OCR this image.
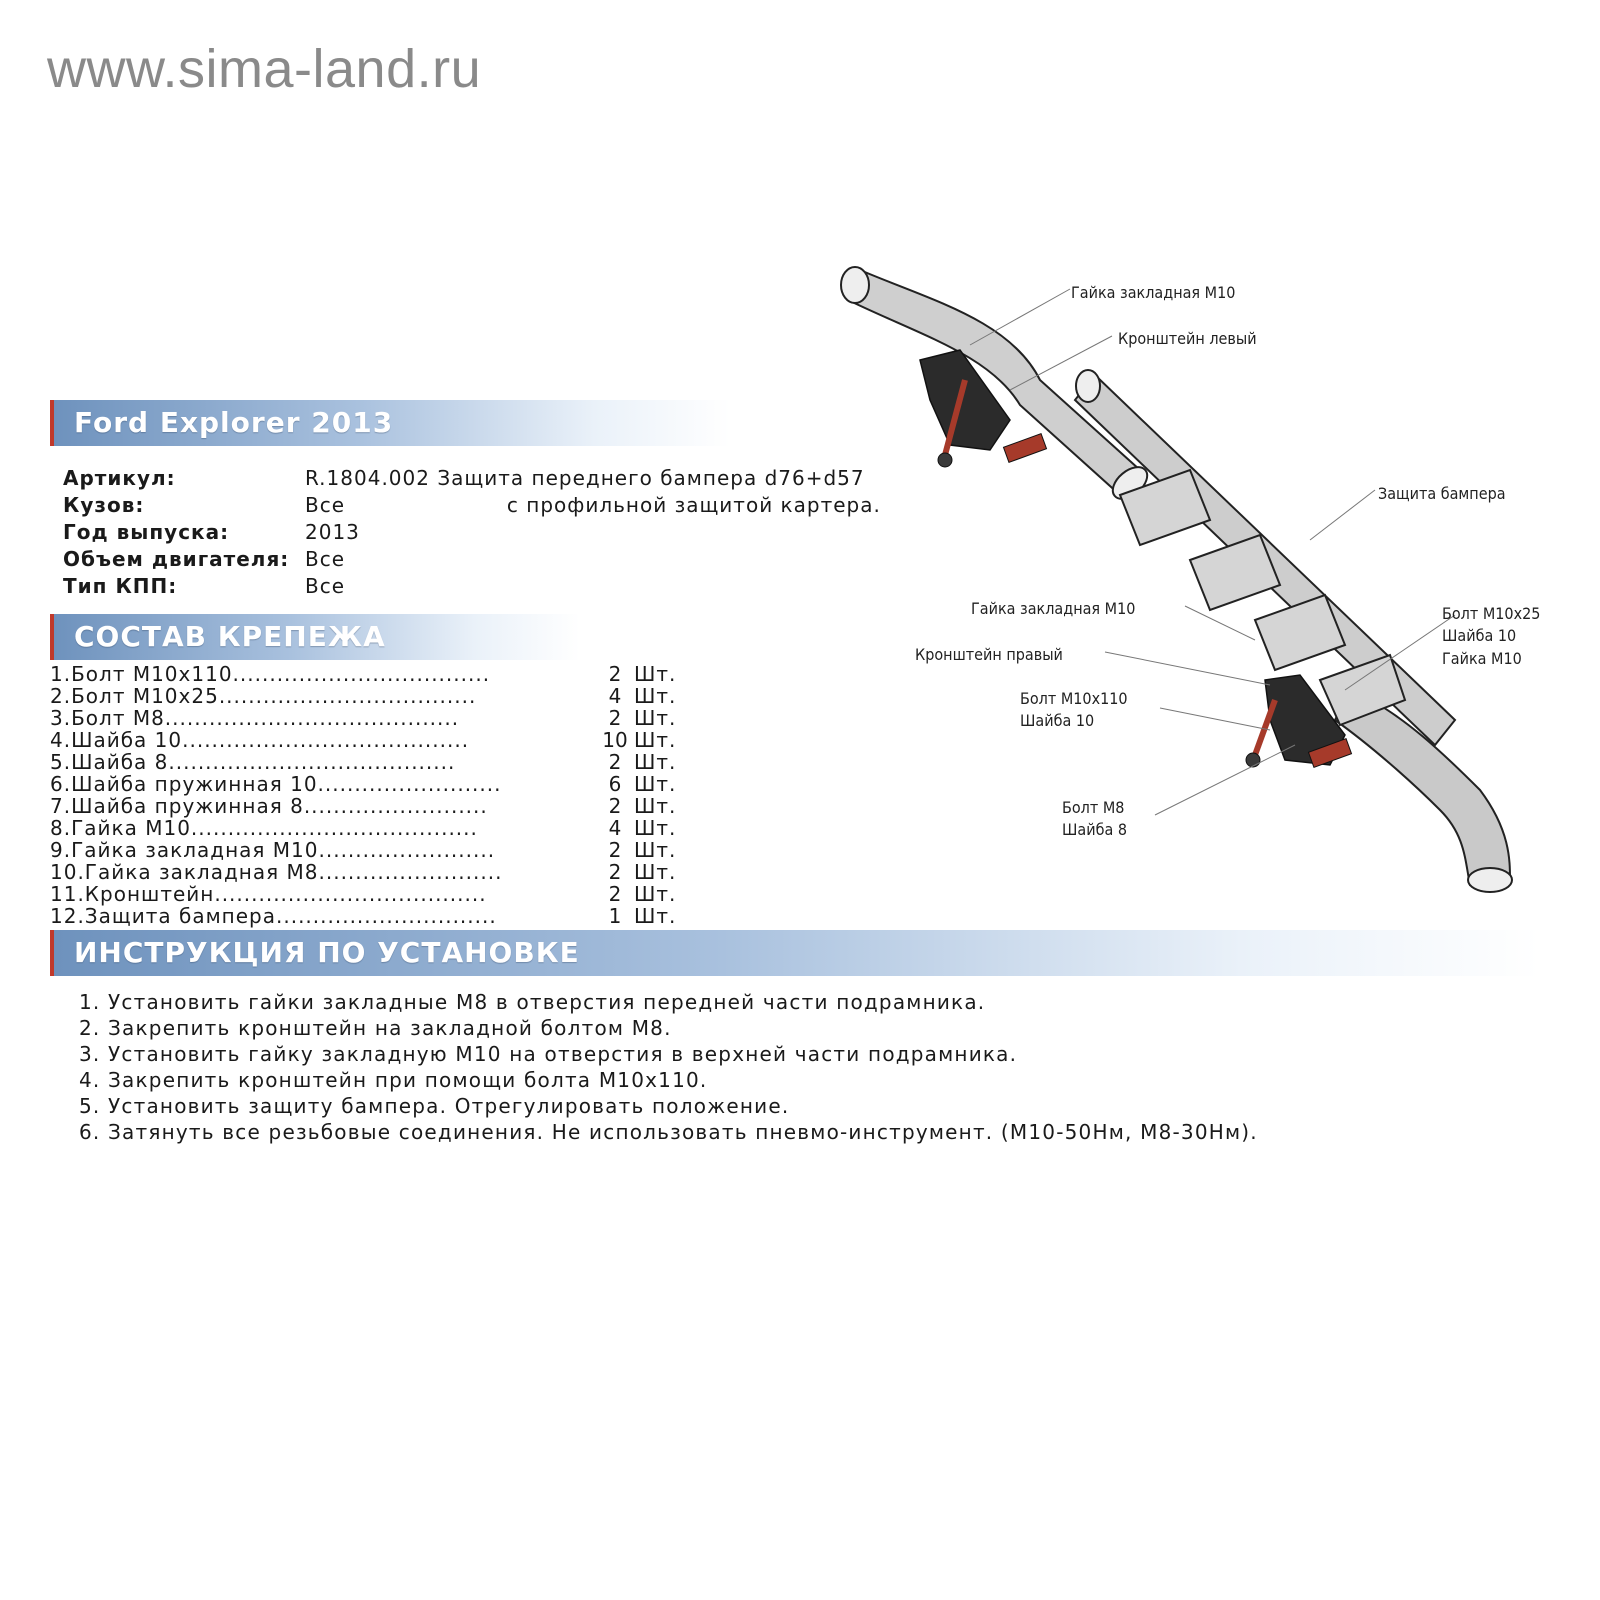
www.sima-land.ru
Ford Explorer 2013
Артикул:	R.1804.002 Защита переднего бампера d76+d57
Кузов:	Все                      с профильной защитой картера.
Год выпуска:	2013
Объем двигателя: Все
Тип КПП:	Все
СОСТАВ КРЕПЕЖА
1.Болт М10х110...................................	2 Шт.
2.Болт М10х25...................................	4 Шт.
3.Болт М8........................................	2 Шт.
4.Шайба 10.......................................	10 Шт.
5.Шайба 8.......................................	2 Шт.
6.Шайба пружинная 10.........................	6 Шт.
7.Шайба пружинная 8.........................	2 Шт.
8.Гайка М10.......................................	4 Шт.
9.Гайка закладная М10........................	2 Шт.
10.Гайка закладная М8.........................	2 Шт.
11.Кронштейн.....................................	2 Шт.
12.Защита бампера..............................	1 Шт.
ИНСТРУКЦИЯ ПО УСТАНОВКЕ
1. Установить гайки закладные М8 в отверстия передней части подрамника.
2. Закрепить кронштейн на закладной болтом М8.
3. Установить гайку закладную М10 на отверстия в верхней части подрамника.
4. Закрепить кронштейн при помощи болта М10х110.
5. Установить защиту бампера. Отрегулировать положение.
6. Затянуть все резьбовые соединения. Не использовать пневмо-инструмент. (М10-50Нм, М8-30Нм).
Гайка закладная М10
Кронштейн левый
Защита бампера
Гайка закладная М10
Кронштейн правый
Болт М10х25
Шайба 10
Гайка М10
Болт М10х110
Шайба 10
Болт М8
Шайба 8
